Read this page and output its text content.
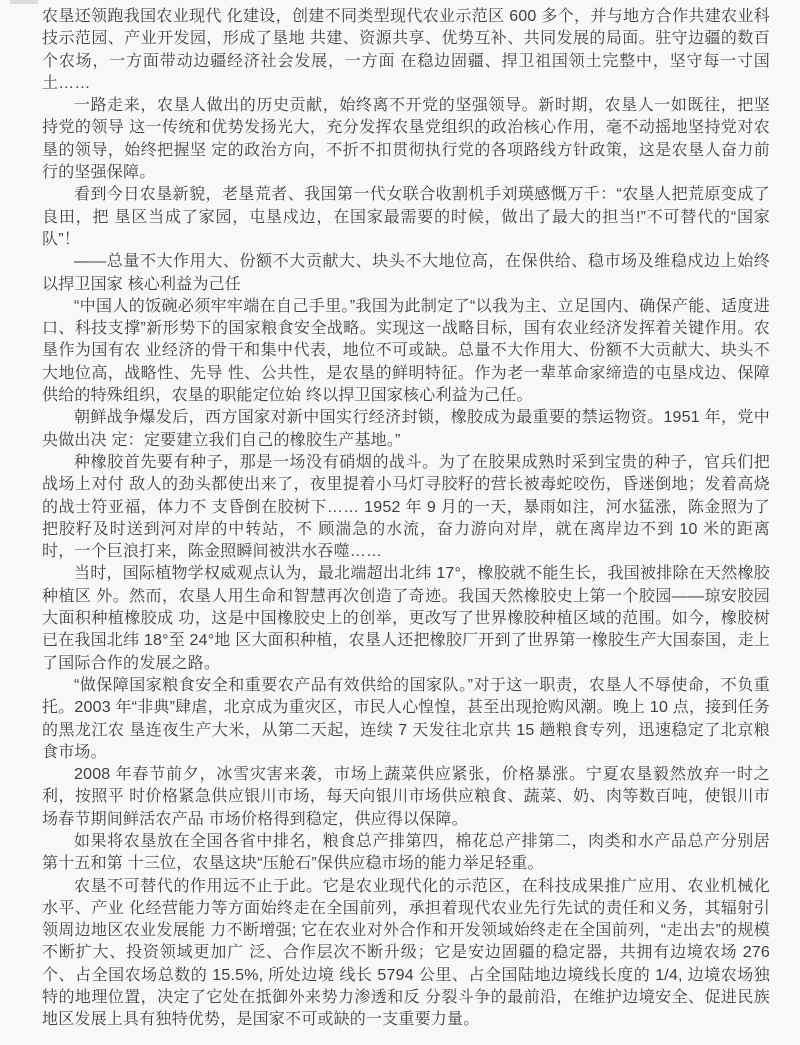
农垦还领跑我国农业现代 化建设，创建不同类型现代农业示范区 600 多个，并与地方合作共建农业科技示范园、产业开发园，形成了垦地 共建、资源共享、优势互补、共同发展的局面。驻守边疆的数百个农场，一方面带动边疆经济社会发展，一方面 在稳边固疆、捍卫祖国领土完整中，坚守每一寸国土……

一路走来，农垦人做出的历史贡献，始终离不开党的坚强领导。新时期，农垦人一如既往，把坚持党的领导 这一传统和优势发扬光大，充分发挥农垦党组织的政治核心作用，毫不动摇地坚持党对农垦的领导，始终把握坚 定的政治方向，不折不扣贯彻执行党的各项路线方针政策，这是农垦人奋力前行的坚强保障。

看到今日农垦新貌，老垦荒者、我国第一代女联合收割机手刘瑛感慨万千：“农垦人把荒原变成了良田，把 垦区当成了家园，屯垦戍边，在国家最需要的时候，做出了最大的担当!”不可替代的“国家队”！

——总量不大作用大、份额不大贡献大、块头不大地位高，在保供给、稳市场及维稳戍边上始终以捍卫国家 核心利益为己任

“中国人的饭碗必须牢牢端在自己手里。”我国为此制定了“以我为主、立足国内、确保产能、适度进口、科技支撑”新形势下的国家粮食安全战略。实现这一战略目标，国有农业经济发挥着关键作用。农垦作为国有农 业经济的骨干和集中代表，地位不可或缺。总量不大作用大、份额不大贡献大、块头不大地位高，战略性、先导 性、公共性，是农垦的鲜明特征。作为老一辈革命家缔造的屯垦戍边、保障供给的特殊组织，农垦的职能定位始 终以捍卫国家核心利益为己任。

朝鲜战争爆发后，西方国家对新中国实行经济封锁，橡胶成为最重要的禁运物资。1951 年，党中央做出决 定：定要建立我们自己的橡胶生产基地。”

种橡胶首先要有种子，那是一场没有硝烟的战斗。为了在胶果成熟时采到宝贵的种子，官兵们把战场上对付 敌人的劲头都使出来了，夜里提着小马灯寻胶籽的营长被毒蛇咬伤，昏迷倒地；发着高烧的战士符亚福，体力不 支昏倒在胶树下…… 1952 年 9 月的一天，暴雨如注，河水猛涨，陈金照为了把胶籽及时送到河对岸的中转站，不 顾湍急的水流，奋力游向对岸，就在离岸边不到 10 米的距离时，一个巨浪打来，陈金照瞬间被洪水吞噬……

当时，国际植物学权威观点认为，最北端超出北纬 17°，橡胶就不能生长，我国被排除在天然橡胶种植区 外。然而，农垦人用生命和智慧再次创造了奇迹。我国天然橡胶史上第一个胶园——琼安胶园大面积种植橡胶成 功，这是中国橡胶史上的创举，更改写了世界橡胶种植区域的范围。如今，橡胶树已在我国北纬 18°至 24°地 区大面积种植，农垦人还把橡胶厂开到了世界第一橡胶生产大国泰国，走上了国际合作的发展之路。

“做保障国家粮食安全和重要农产品有效供给的国家队。”对于这一职责，农垦人不辱使命，不负重托。2003 年“非典”肆虐，北京成为重灾区，市民人心惶惶，甚至出现抢购风潮。晚上 10 点，接到任务的黑龙江农 垦连夜生产大米，从第二天起，连续 7 天发往北京共 15 趟粮食专列，迅速稳定了北京粮食市场。

2008 年春节前夕，冰雪灾害来袭，市场上蔬菜供应紧张，价格暴涨。宁夏农垦毅然放弃一时之利，按照平 时价格紧急供应银川市场，每天向银川市场供应粮食、蔬菜、奶、肉等数百吨，使银川市场春节期间鲜活农产品 市场价格得到稳定，供应得以保障。

如果将农垦放在全国各省中排名，粮食总产排第四，棉花总产排第二，肉类和水产品总产分别居第十五和第 十三位，农垦这块“压舱石”保供应稳市场的能力举足轻重。

农垦不可替代的作用远不止于此。它是农业现代化的示范区，在科技成果推广应用、农业机械化水平、产业 化经营能力等方面始终走在全国前列，承担着现代农业先行先试的责任和义务，其辐射引领周边地区农业发展能 力不断增强; 它在农业对外合作和开发领域始终走在全国前列，“走出去”的规模不断扩大、投资领域更加广 泛、合作层次不断升级；它是安边固疆的稳定器，共拥有边境农场 276 个、占全国农场总数的 15.5%, 所处边境 线长 5794 公里、占全国陆地边境线长度的 1/4, 边境农场独特的地理位置，决定了它处在抵御外来势力渗透和反 分裂斗争的最前沿，在维护边境安全、促进民族地区发展上具有独特优势，是国家不可或缺的一支重要力量。
